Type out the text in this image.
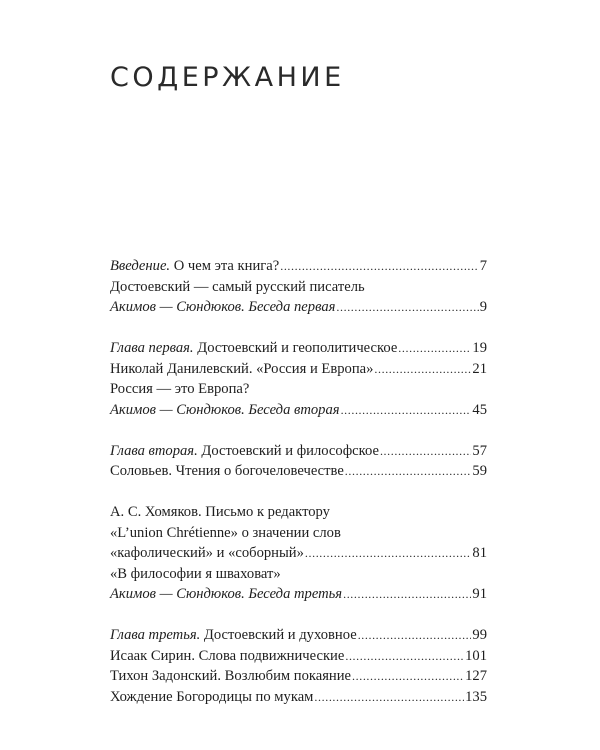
СОДЕРЖАНИЕ
Введение. О чем эта книга? .....	7
Достоевский — самый русский писатель
Акимов — Сюндюков. Беседа первая .....	9
Глава первая. Достоевский и геополитическое .....	19
Николай Данилевский. «Россия и Европа» .....	21
Россия — это Европа?
Акимов — Сюндюков. Беседа вторая .....	45
Глава вторая. Достоевский и философское .....	57
Соловьев. Чтения о богочеловечестве .....	59
А. С. Хомяков. Письмо к редактору
«L’union Chrétienne» о значении слов
«кафолический» и «соборный» .....	81
«В философии я шваховат»
Акимов — Сюндюков. Беседа третья .....	91
Глава третья. Достоевский и духовное .....	99
Исаак Сирин. Слова подвижнические .....	101
Тихон Задонский. Возлюбим покаяние .....	127
Хождение Богородицы по мукам .....	135
